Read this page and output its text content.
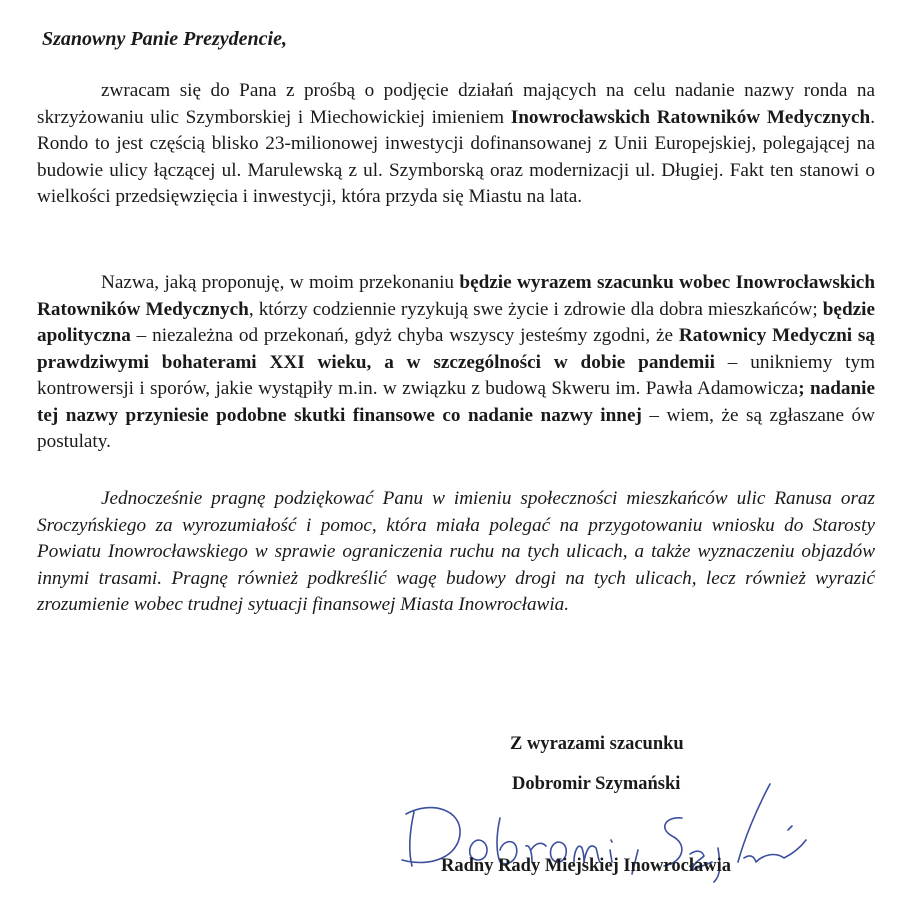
Szanowny Panie Prezydencie,

zwracam się do Pana z prośbą o podjęcie działań mających na celu nadanie nazwy ronda na skrzyżowaniu ulic Szymborskiej i Miechowickiej imieniem Inowrocławskich Ratowników Medycznych. Rondo to jest częścią blisko 23-milionowej inwestycji dofinansowanej z Unii Europejskiej, polegającej na budowie ulicy łączącej ul. Marulewską z ul. Szymborską oraz modernizacji ul. Długiej. Fakt ten stanowi o wielkości przedsięwzięcia i inwestycji, która przyda się Miastu na lata.

Nazwa, jaką proponuję, w moim przekonaniu będzie wyrazem szacunku wobec Inowrocławskich Ratowników Medycznych, którzy codziennie ryzykują swe życie i zdrowie dla dobra mieszkańców; będzie apolityczna – niezależna od przekonań, gdyż chyba wszyscy jesteśmy zgodni, że Ratownicy Medyczni są prawdziwymi bohaterami XXI wieku, a w szczególności w dobie pandemii – unikniemy tym kontrowersji i sporów, jakie wystąpiły m.in. w związku z budową Skweru im. Pawła Adamowicza; nadanie tej nazwy przyniesie podobne skutki finansowe co nadanie nazwy innej – wiem, że są zgłaszane ów postulaty.

Jednocześnie pragnę podziękować Panu w imieniu społeczności mieszkańców ulic Ranusa oraz Sroczyńskiego za wyrozumiałość i pomoc, która miała polegać na przygotowaniu wniosku do Starosty Powiatu Inowrocławskiego w sprawie ograniczenia ruchu na tych ulicach, a także wyznaczeniu objazdów innymi trasami. Pragnę również podkreślić wagę budowy drogi na tych ulicach, lecz również wyrazić zrozumienie wobec trudnej sytuacji finansowej Miasta Inowrocławia.

Z wyrazami szacunku

Dobromir Szymański

Radny Rady Miejskiej Inowrocławia
